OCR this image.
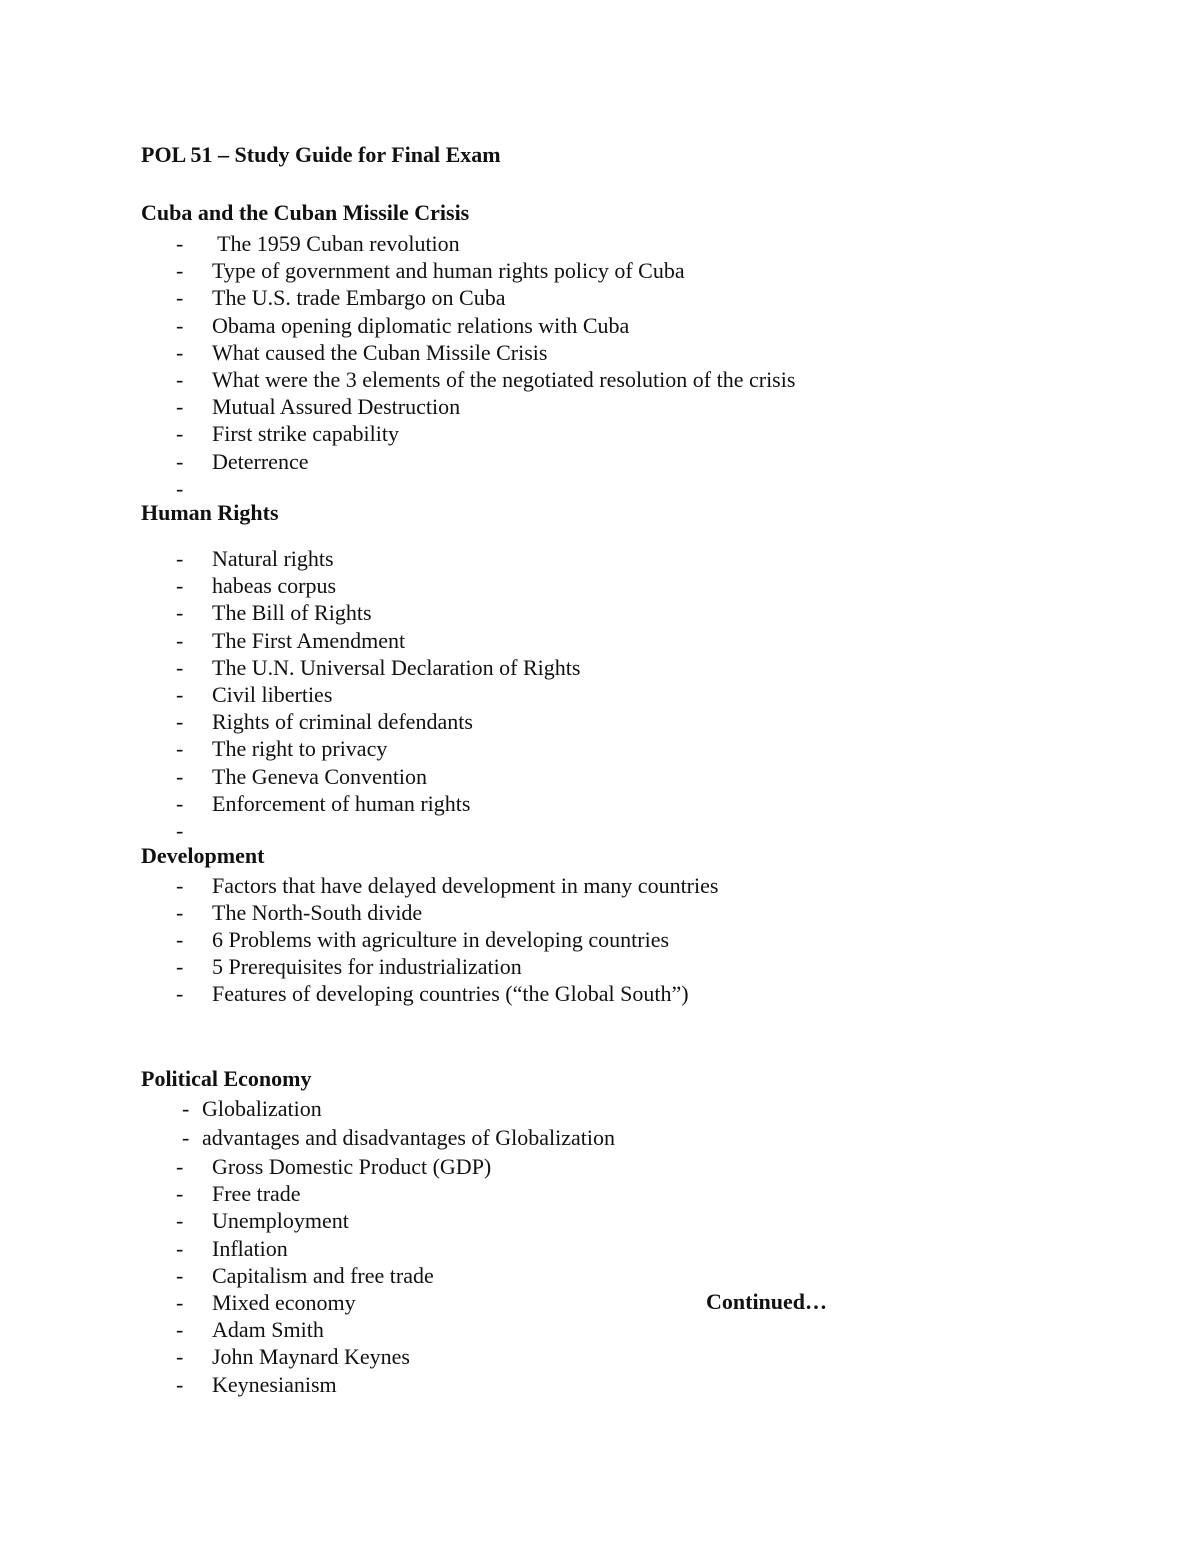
POL 51 – Study Guide for Final Exam
Cuba and the Cuban Missile Crisis
- The 1959 Cuban revolution
- Type of government and human rights policy of Cuba
- The U.S. trade Embargo on Cuba
- Obama opening diplomatic relations with Cuba
- What caused the Cuban Missile Crisis
- What were the 3 elements of the negotiated resolution of the crisis
- Mutual Assured Destruction
- First strike capability
- Deterrence
-
Human Rights
- Natural rights
- habeas corpus
- The Bill of Rights
- The First Amendment
- The U.N. Universal Declaration of Rights
- Civil liberties
- Rights of criminal defendants
- The right to privacy
- The Geneva Convention
- Enforcement of human rights
-
Development
- Factors that have delayed development in many countries
- The North-South divide
- 6 Problems with agriculture in developing countries
- 5 Prerequisites for industrialization
- Features of developing countries (“the Global South”)
Political Economy
- Globalization
- advantages and disadvantages of Globalization
- Gross Domestic Product (GDP)
- Free trade
- Unemployment
- Inflation
- Capitalism and free trade
- Mixed economy
- Adam Smith
- John Maynard Keynes
- Keynesianism
Continued…
